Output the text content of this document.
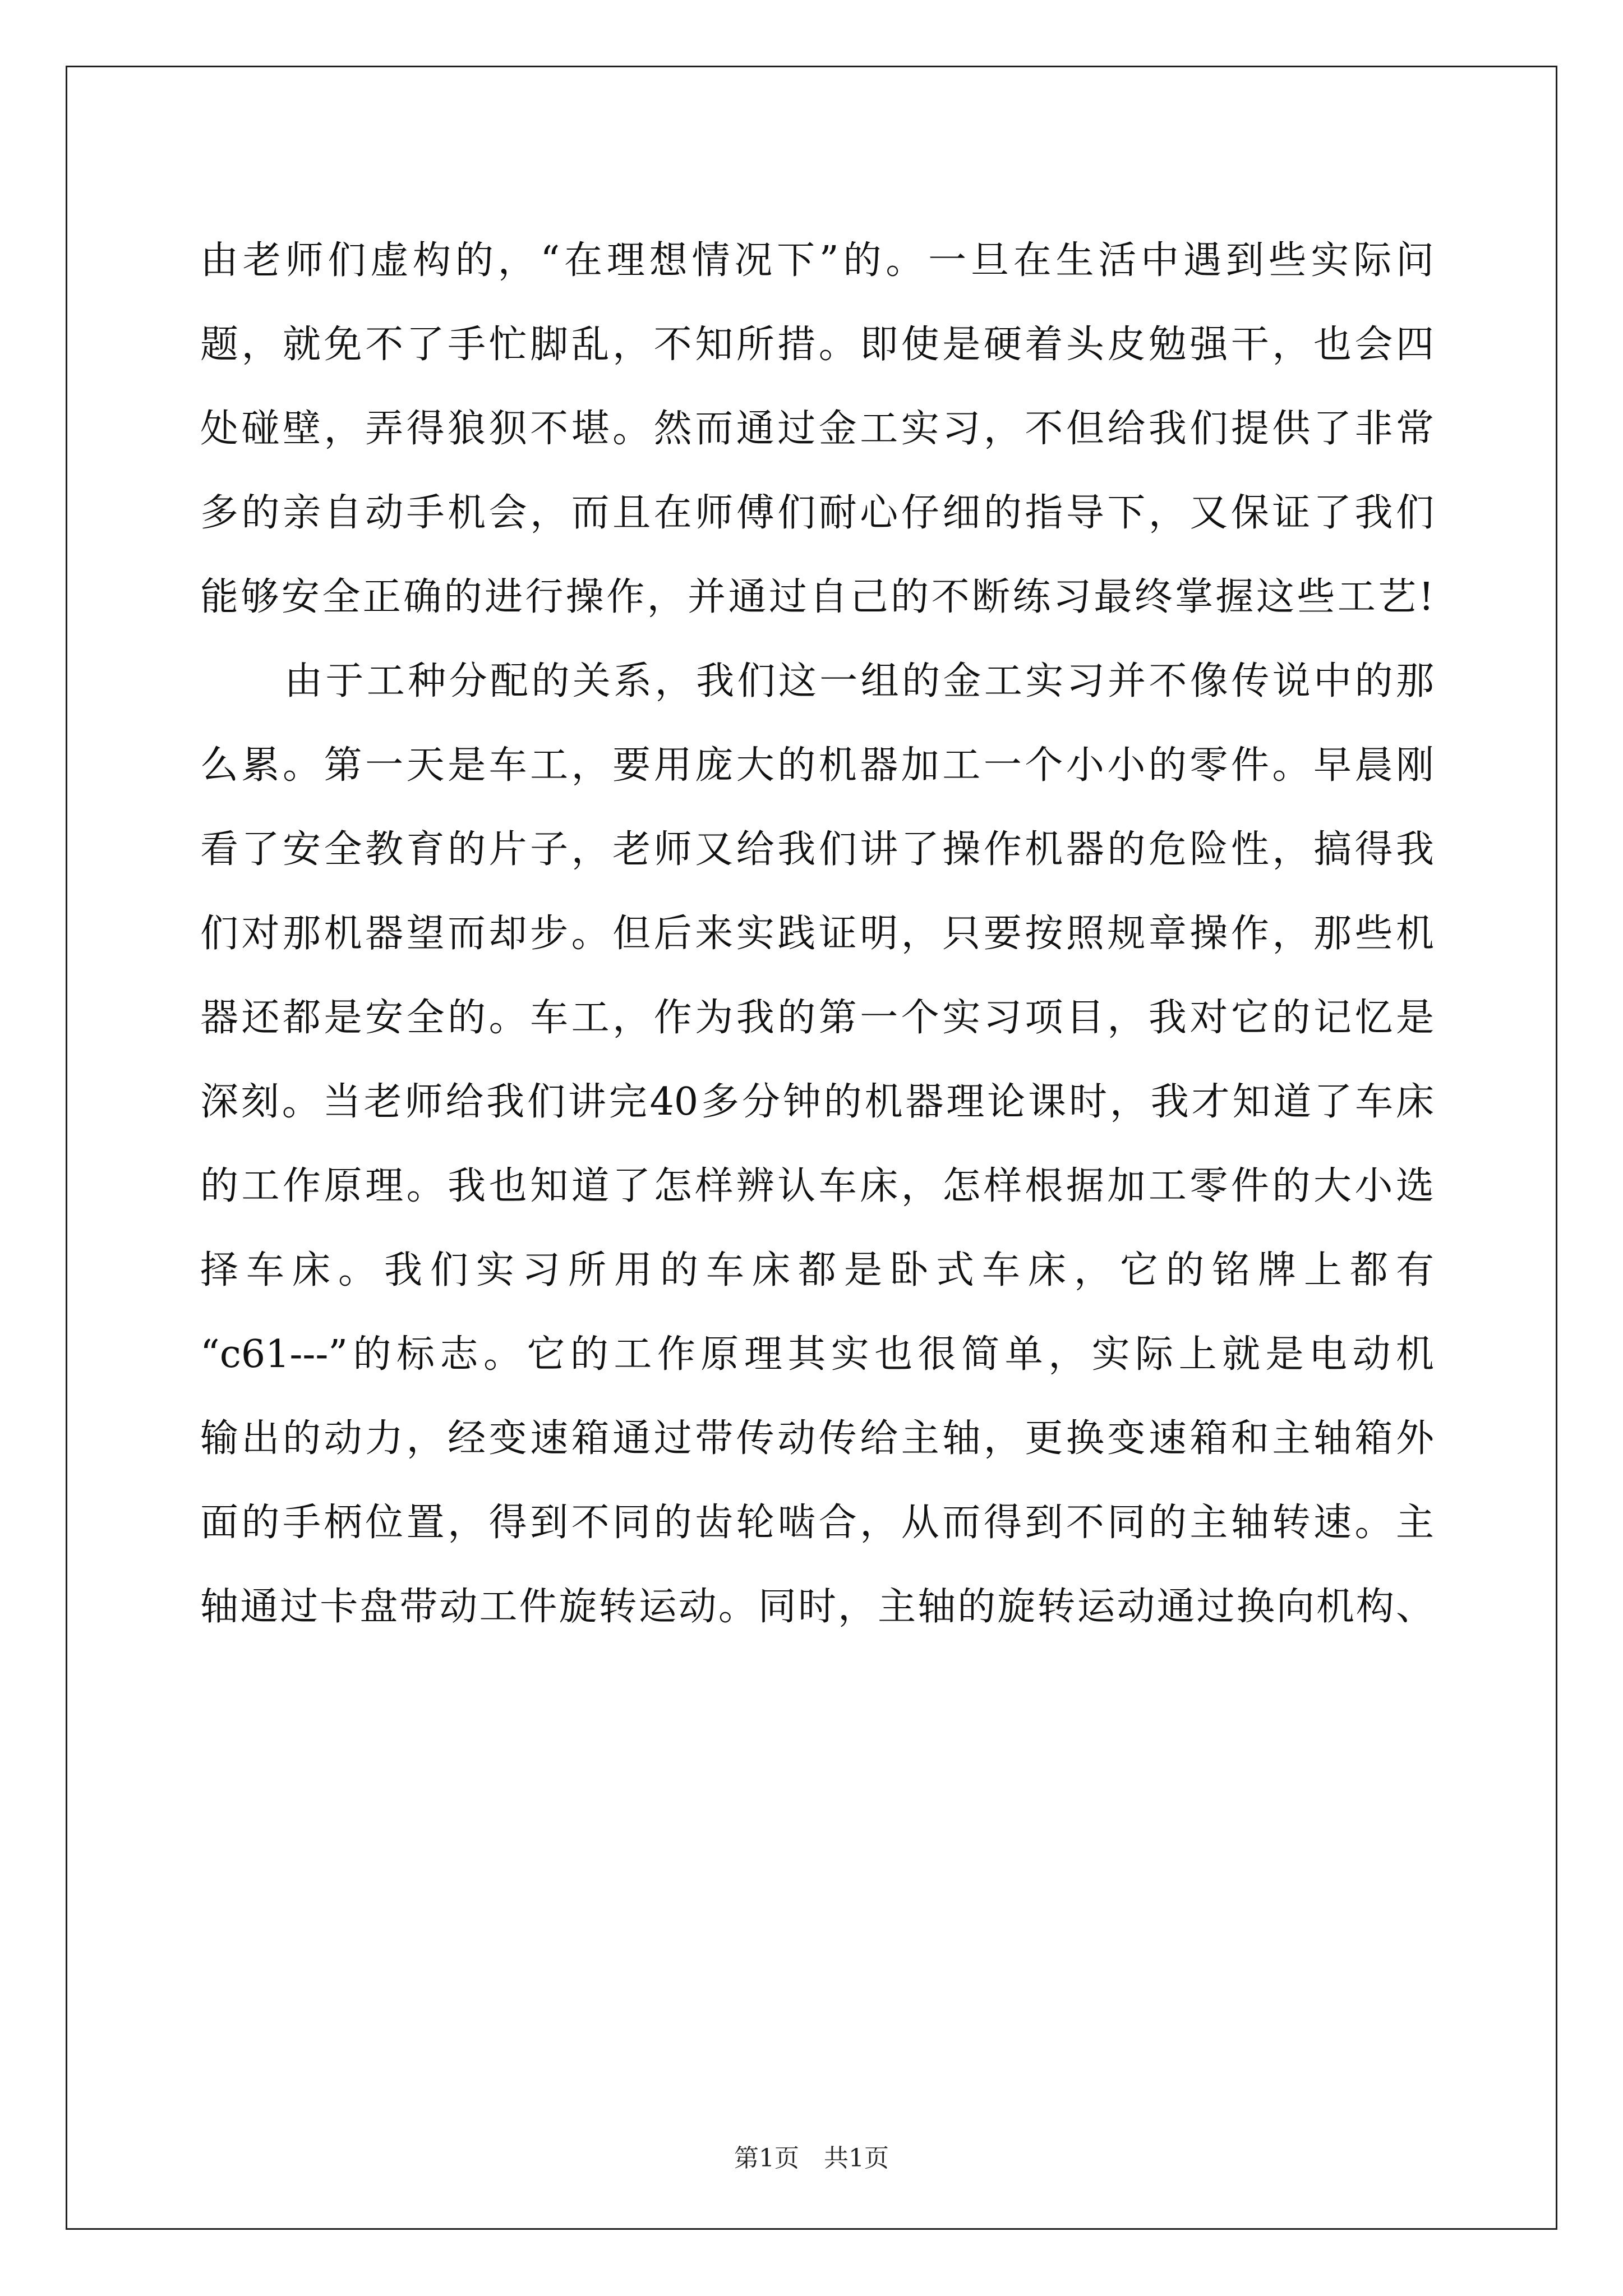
由老师们虚构的，“在理想情况下”的。一旦在生活中遇到些实际问
题，就免不了手忙脚乱，不知所措。即使是硬着头皮勉强干，也会四
处碰壁，弄得狼狈不堪。然而通过金工实习，不但给我们提供了非常
多的亲自动手机会，而且在师傅们耐心仔细的指导下，又保证了我们
能够安全正确的进行操作，并通过自己的不断练习最终掌握这些工艺!
由于工种分配的关系，我们这一组的金工实习并不像传说中的那
么累。第一天是车工，要用庞大的机器加工一个小小的零件。早晨刚
看了安全教育的片子，老师又给我们讲了操作机器的危险性，搞得我
们对那机器望而却步。但后来实践证明，只要按照规章操作，那些机
器还都是安全的。车工，作为我的第一个实习项目，我对它的记忆是
深刻。当老师给我们讲完40多分钟的机器理论课时，我才知道了车床
的工作原理。我也知道了怎样辨认车床，怎样根据加工零件的大小选
择车床。我们实习所用的车床都是卧式车床，它的铭牌上都有
“c61---”的标志。它的工作原理其实也很简单，实际上就是电动机
输出的动力，经变速箱通过带传动传给主轴，更换变速箱和主轴箱外
面的手柄位置，得到不同的齿轮啮合，从而得到不同的主轴转速。主
轴通过卡盘带动工件旋转运动。同时，主轴的旋转运动通过换向机构、
第1页 共1页
